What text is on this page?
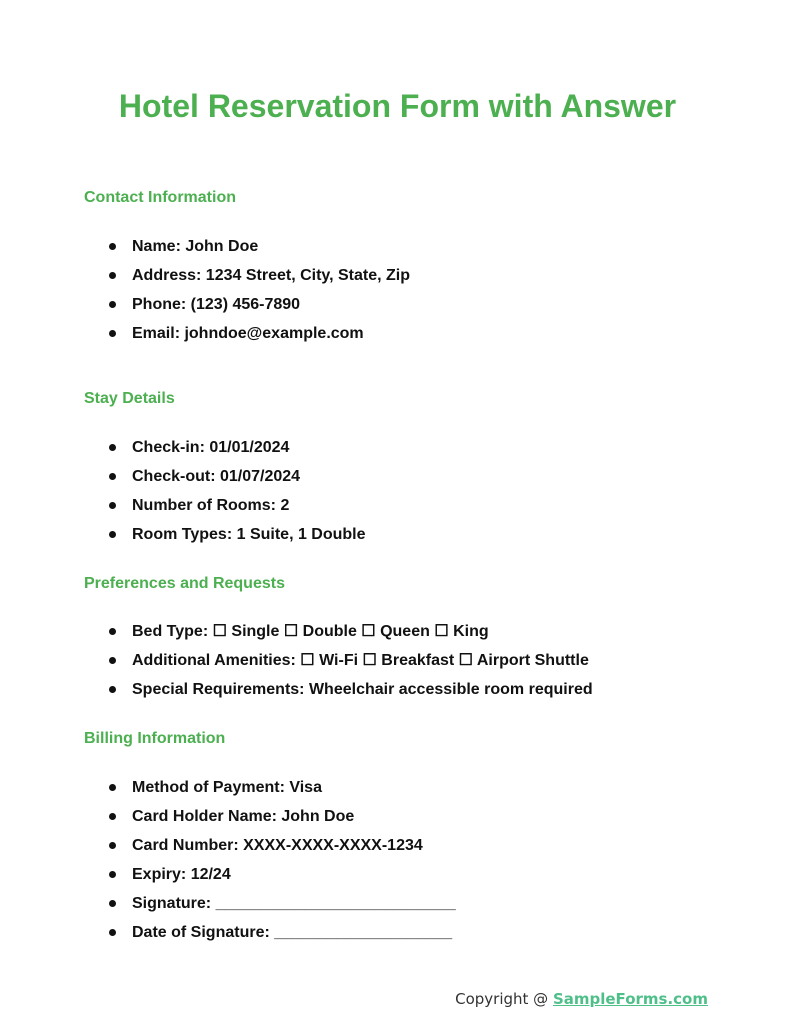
Hotel Reservation Form with Answer
Contact Information
Name: John Doe
Address: 1234 Street, City, State, Zip
Phone: (123) 456-7890
Email: johndoe@example.com
Stay Details
Check-in: 01/01/2024
Check-out: 01/07/2024
Number of Rooms: 2
Room Types: 1 Suite, 1 Double
Preferences and Requests
Bed Type: ☐ Single ☐ Double ☐ Queen ☐ King
Additional Amenities: ☐ Wi-Fi ☐ Breakfast ☐ Airport Shuttle
Special Requirements: Wheelchair accessible room required
Billing Information
Method of Payment: Visa
Card Holder Name: John Doe
Card Number: XXXX-XXXX-XXXX-1234
Expiry: 12/24
Signature: ___________________________
Date of Signature: ____________________
Copyright @ SampleForms.com
